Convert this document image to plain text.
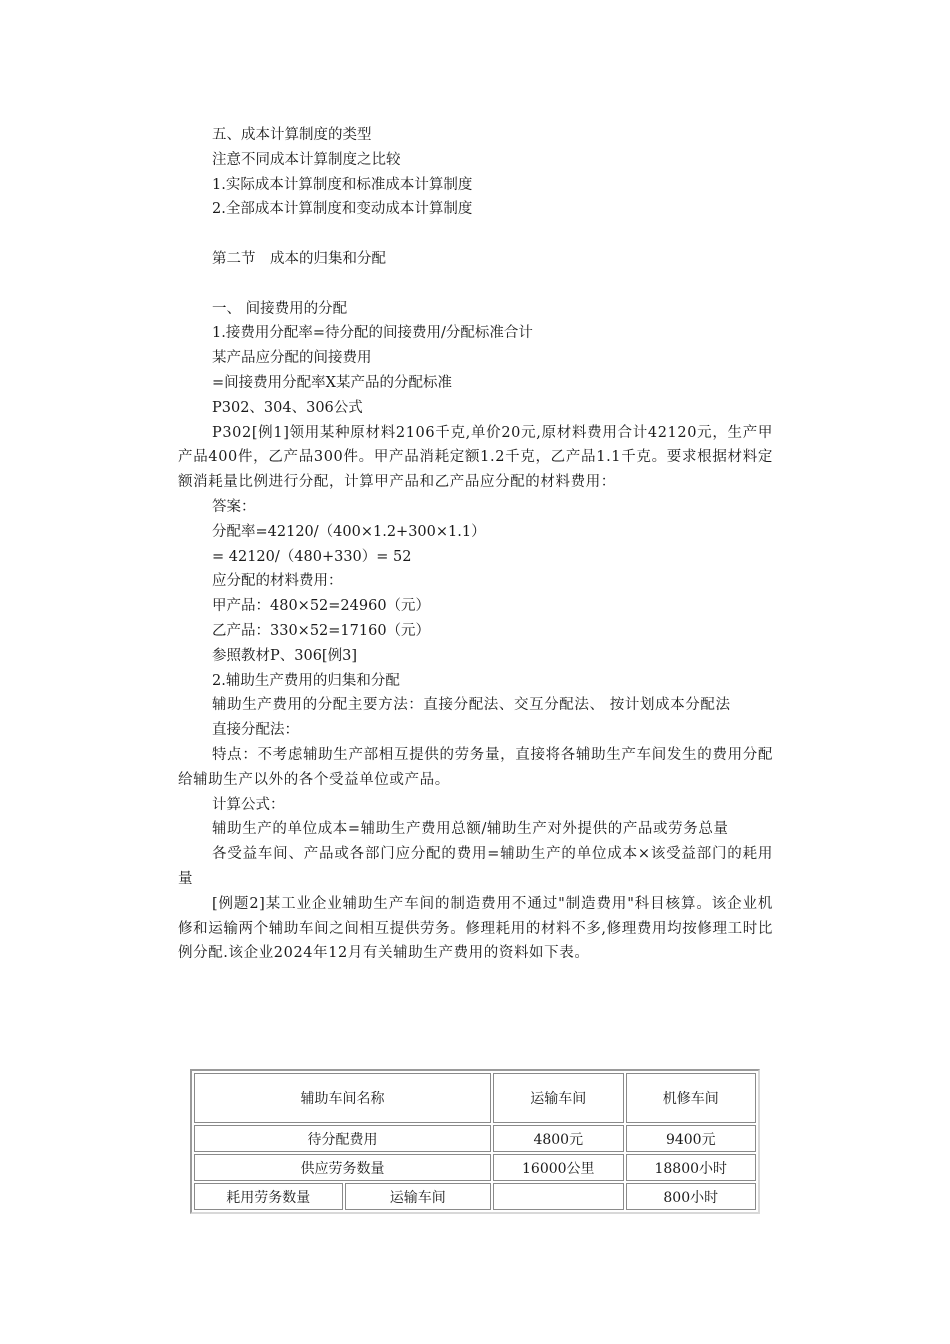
五、成本计算制度的类型
注意不同成本计算制度之比较
1.实际成本计算制度和标准成本计算制度
2.全部成本计算制度和变动成本计算制度
第二节　成本的归集和分配
一、 间接费用的分配
1.接费用分配率=待分配的间接费用/分配标准合计
某产品应分配的间接费用
=间接费用分配率X某产品的分配标准
P302、304、306公式
P302[例1]领用某种原材料2106千克,单价20元,原材料费用合计42120元，生产甲产品400件，乙产品300件。甲产品消耗定额1.2千克，乙产品1.1千克。要求根据材料定额消耗量比例进行分配，计算甲产品和乙产品应分配的材料费用：
答案：
分配率=42120/（400×1.2+300×1.1）
= 42120/（480+330）= 52
应分配的材料费用：
甲产品：480×52=24960（元）
乙产品：330×52=17160（元）
参照教材P、306[例3]
2.辅助生产费用的归集和分配
辅助生产费用的分配主要方法：直接分配法、交互分配法、 按计划成本分配法
直接分配法：
特点：不考虑辅助生产部相互提供的劳务量，直接将各辅助生产车间发生的费用分配给辅助生产以外的各个受益单位或产品。
计算公式：
辅助生产的单位成本=辅助生产费用总额/辅助生产对外提供的产品或劳务总量
各受益车间、产品或各部门应分配的费用=辅助生产的单位成本×该受益部门的耗用量
[例题2]某工业企业辅助生产车间的制造费用不通过"制造费用"科目核算。该企业机修和运输两个辅助车间之间相互提供劳务。修理耗用的材料不多,修理费用均按修理工时比例分配.该企业2024年12月有关辅助生产费用的资料如下表。
辅助车间名称		运输车间	机修车间
待分配费用		4800元	9400元
供应劳务数量		16000公里	18800小时
耗用劳务数量	运输车间		800小时
